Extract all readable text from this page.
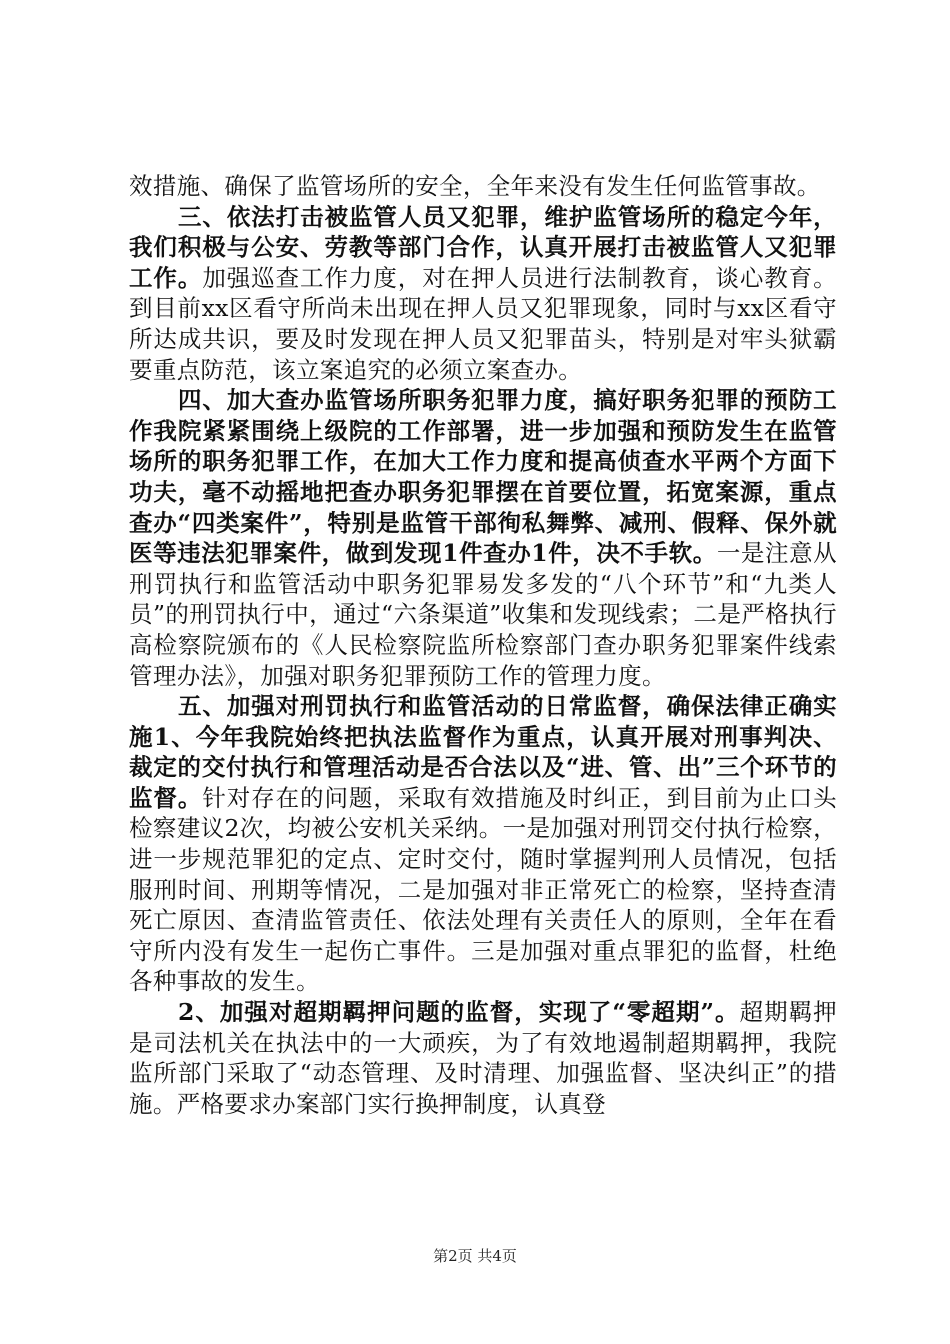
效措施、确保了监管场所的安全，全年来没有发生任何监管事故。

三、依法打击被监管人员又犯罪，维护监管场所的稳定今年，我们积极与公安、劳教等部门合作，认真开展打击被监管人又犯罪工作。加强巡查工作力度，对在押人员进行法制教育，谈心教育。到目前xx区看守所尚未出现在押人员又犯罪现象，同时与xx区看守所达成共识，要及时发现在押人员又犯罪苗头，特别是对牢头狱霸要重点防范，该立案追究的必须立案查办。

四、加大查办监管场所职务犯罪力度，搞好职务犯罪的预防工作我院紧紧围绕上级院的工作部署，进一步加强和预防发生在监管场所的职务犯罪工作，在加大工作力度和提高侦查水平两个方面下功夫，毫不动摇地把查办职务犯罪摆在首要位置，拓宽案源，重点查办“四类案件”，特别是监管干部徇私舞弊、减刑、假释、保外就医等违法犯罪案件，做到发现1件查办1件，决不手软。一是注意从刑罚执行和监管活动中职务犯罪易发多发的“八个环节”和“九类人员”的刑罚执行中，通过“六条渠道”收集和发现线索；二是严格执行高检察院颁布的《人民检察院监所检察部门查办职务犯罪案件线索管理办法》，加强对职务犯罪预防工作的管理力度。

五、加强对刑罚执行和监管活动的日常监督，确保法律正确实施1、今年我院始终把执法监督作为重点，认真开展对刑事判决、裁定的交付执行和管理活动是否合法以及“进、管、出”三个环节的监督。针对存在的问题，采取有效措施及时纠正，到目前为止口头检察建议2次，均被公安机关采纳。一是加强对刑罚交付执行检察，进一步规范罪犯的定点、定时交付，随时掌握判刑人员情况，包括服刑时间、刑期等情况，二是加强对非正常死亡的检察，坚持查清死亡原因、查清监管责任、依法处理有关责任人的原则，全年在看守所内没有发生一起伤亡事件。三是加强对重点罪犯的监督，杜绝各种事故的发生。

2、加强对超期羁押问题的监督，实现了“零超期”。超期羁押是司法机关在执法中的一大顽疾，为了有效地遏制超期羁押，我院监所部门采取了“动态管理、及时清理、加强监督、坚决纠正”的措施。严格要求办案部门实行换押制度，认真登

第2页 共4页
